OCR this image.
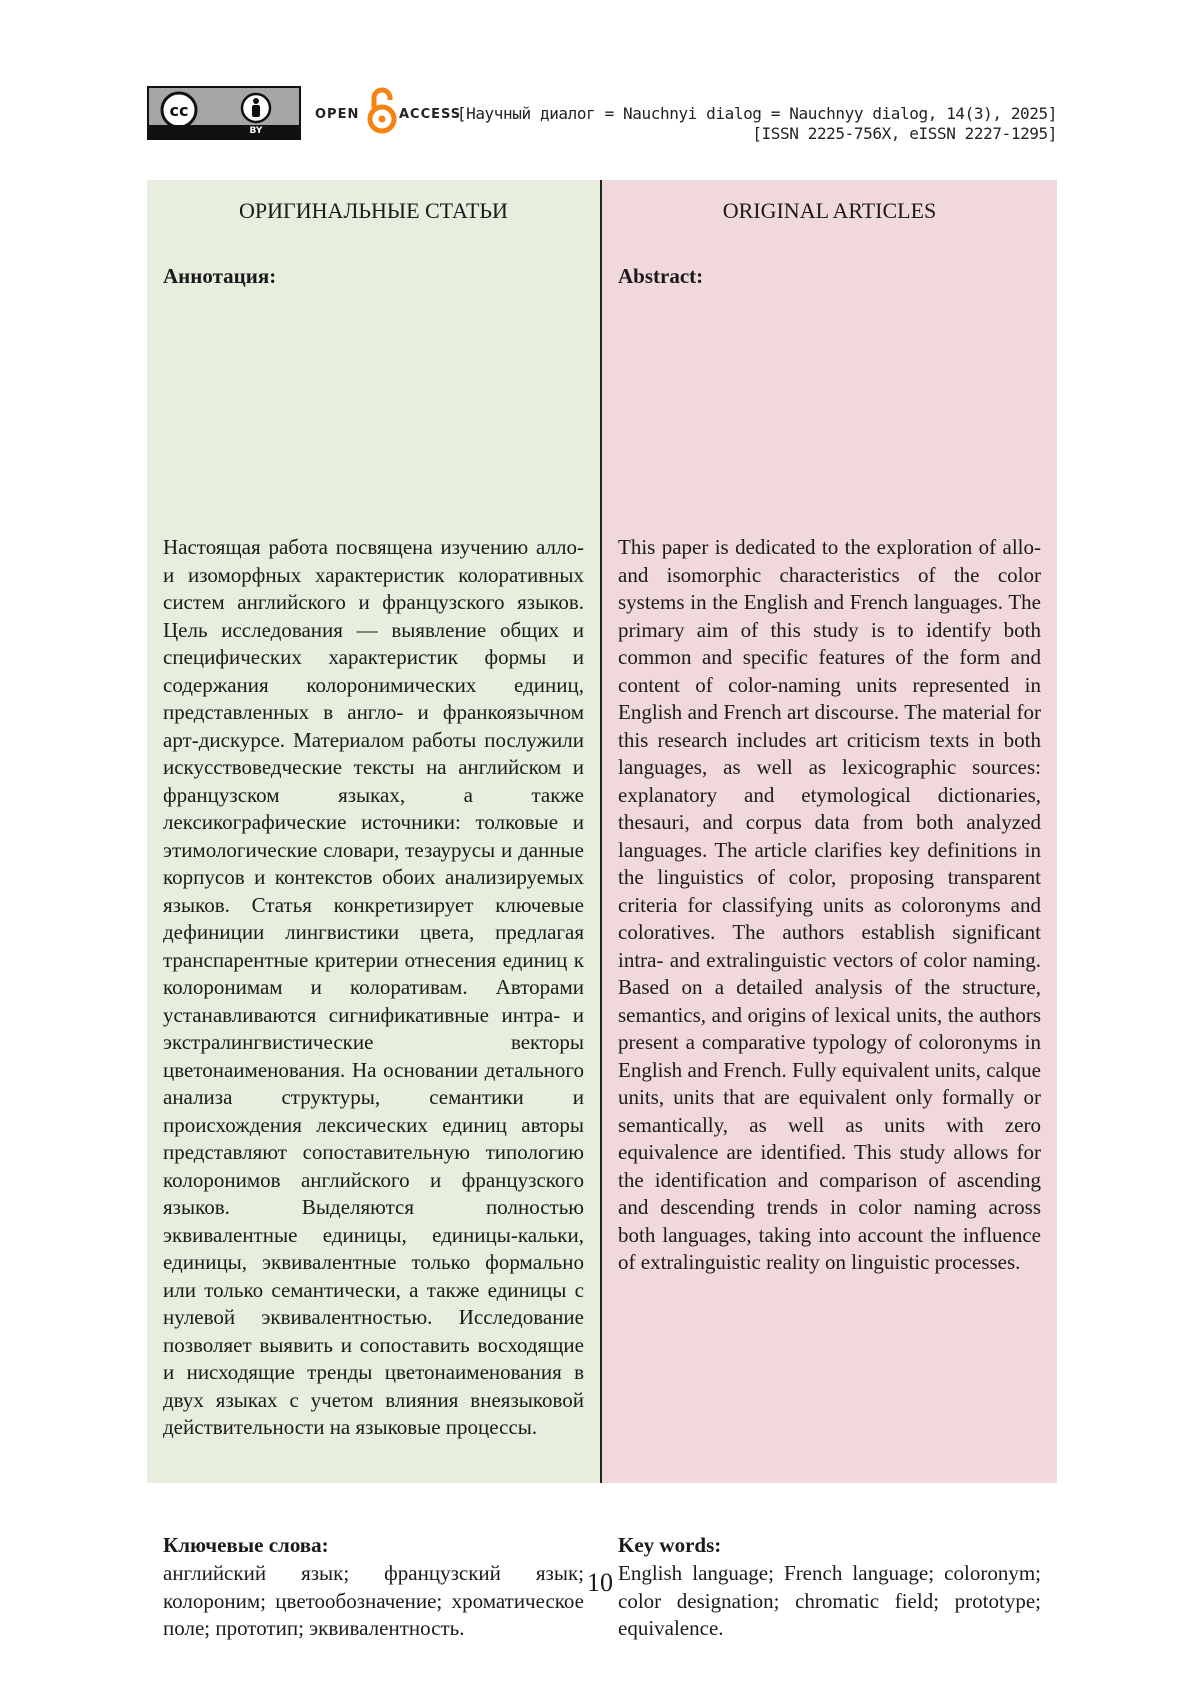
cc
BY
OPEN	ACCESS
[Научный диалог = Nauchnyi dialog = Nauchnyy dialog, 14(3), 2025]
[ISSN 2225-756X, eISSN 2227-1295]
ОРИГИНАЛЬНЫЕ СТАТЬИ
Аннотация:
Настоящая работа посвящена изучению алло- и изоморфных характеристик колоративных систем английского и французского языков. Цель исследования — выявление общих и специфических характеристик формы и содержания колоронимических единиц, представленных в англо- и франкоязычном арт-дискурсе. Материалом работы послужили искусствоведческие тексты на английском и французском языках, а также лексикографические источники: толковые и этимологические словари, тезаурусы и данные корпусов и контекстов обоих анализируемых языков. Статья конкретизирует ключевые дефиниции лингвистики цвета, предлагая транспарентные критерии отнесения единиц к колоронимам и колоративам. Авторами устанавливаются сигнификативные интра- и экстралингвистические векторы цветонаименования. На основании детального анализа структуры, семантики и происхождения лексических единиц авторы представляют сопоставительную типологию колоронимов английского и французского языков. Выделяются полностью эквивалентные единицы, единицы-кальки, единицы, эквивалентные только формально или только семантически, а также единицы с нулевой эквивалентностью. Исследование позволяет выявить и сопоставить восходящие и нисходящие тренды цветонаименования в двух языках с учетом влияния внеязыковой действительности на языковые процессы.
Ключевые слова:
английский язык; французский язык; колороним; цветообозначение; хроматическое поле; прототип; эквивалентность.
ORIGINAL ARTICLES
Abstract:
This paper is dedicated to the exploration of allo- and isomorphic characteristics of the color systems in the English and French languages. The primary aim of this study is to identify both common and specific features of the form and content of color-naming units represented in English and French art discourse. The material for this research includes art criticism texts in both languages, as well as lexicographic sources: explanatory and etymological dictionaries, thesauri, and corpus data from both analyzed languages. The article clarifies key definitions in the linguistics of color, proposing transparent criteria for classifying units as coloronyms and coloratives. The authors establish significant intra- and extralinguistic vectors of color naming. Based on a detailed analysis of the structure, semantics, and origins of lexical units, the authors present a comparative typology of coloronyms in English and French. Fully equivalent units, calque units, units that are equivalent only formally or semantically, as well as units with zero equivalence are identified. This study allows for the identification and comparison of ascending and descending trends in color naming across both languages, taking into account the influence of extralinguistic reality on linguistic processes.
Key words:
English language; French language; coloronym; color designation; chromatic field; prototype; equivalence.
10
